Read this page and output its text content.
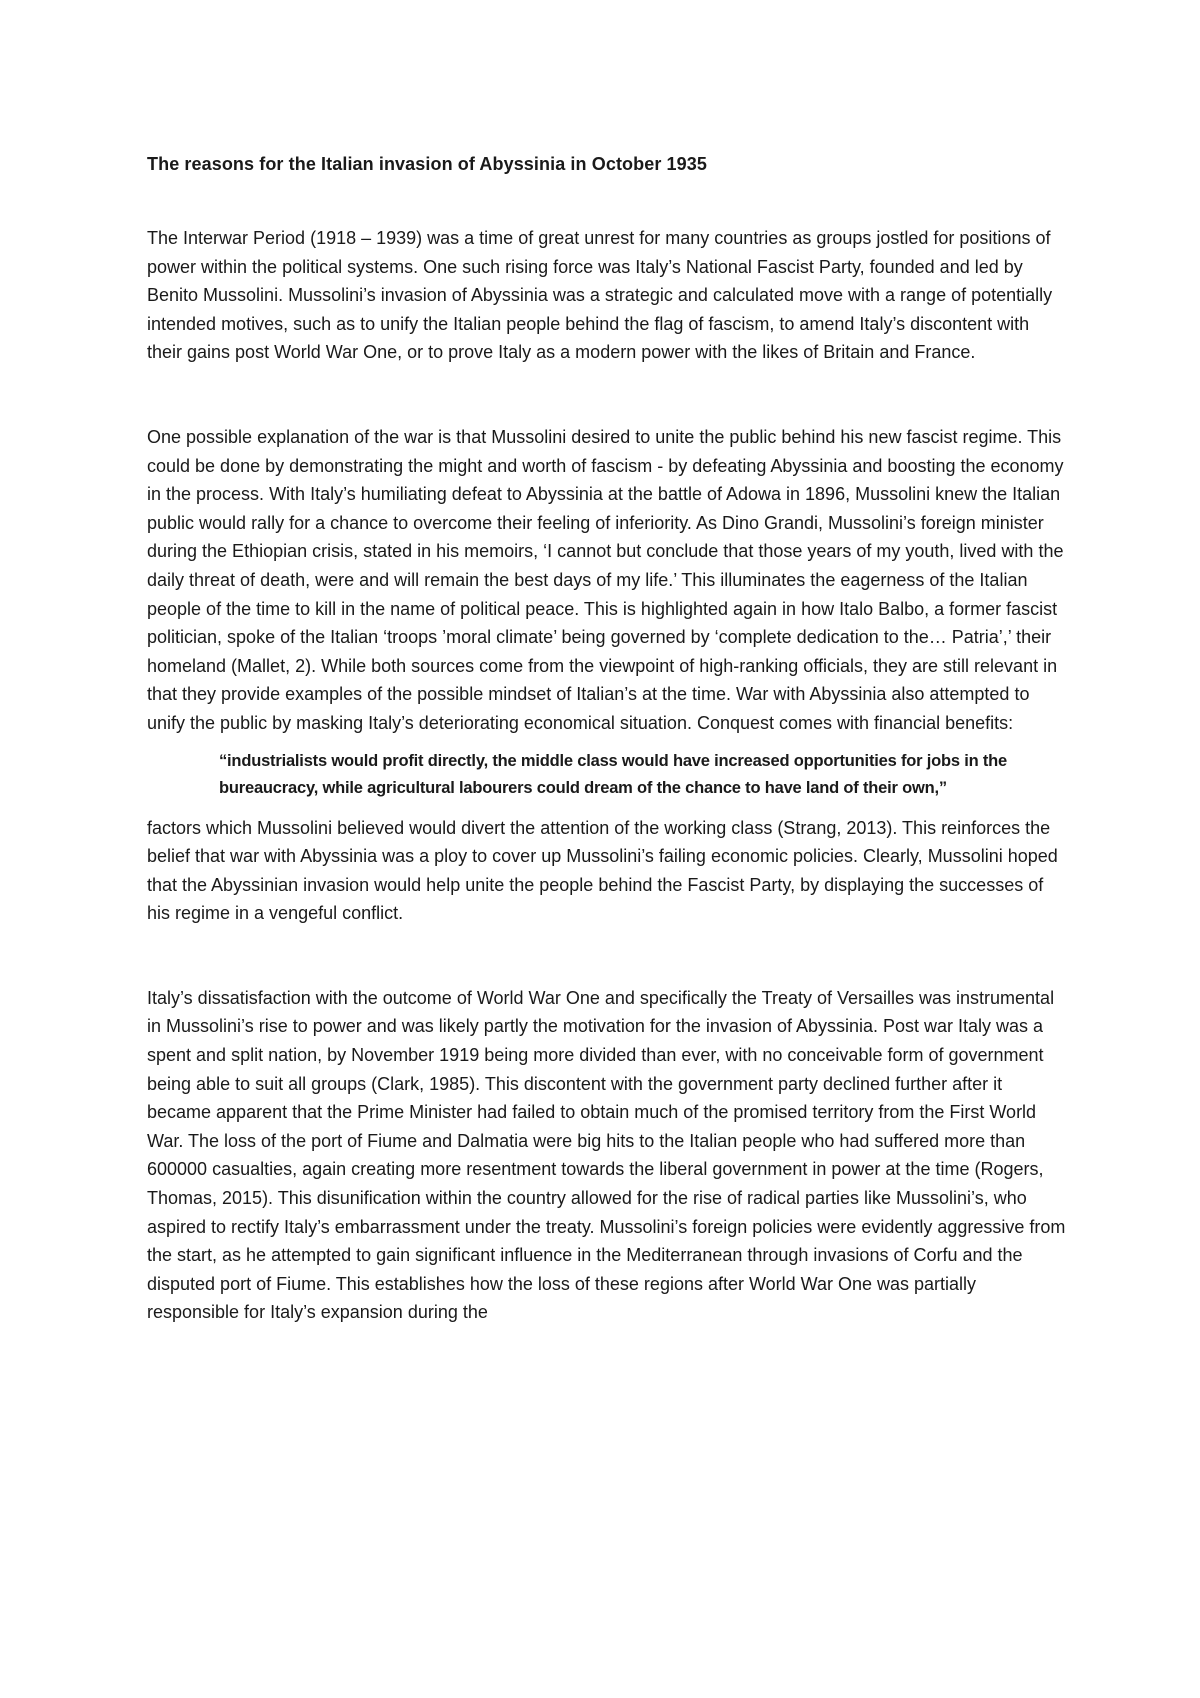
The reasons for the Italian invasion of Abyssinia in October 1935

The Interwar Period (1918 – 1939) was a time of great unrest for many countries as groups jostled for positions of power within the political systems. One such rising force was Italy’s National Fascist Party, founded and led by Benito Mussolini. Mussolini’s invasion of Abyssinia was a strategic and calculated move with a range of potentially intended motives, such as to unify the Italian people behind the flag of fascism, to amend Italy’s discontent with their gains post World War One, or to prove Italy as a modern power with the likes of Britain and France.

One possible explanation of the war is that Mussolini desired to unite the public behind his new fascist regime. This could be done by demonstrating the might and worth of fascism - by defeating Abyssinia and boosting the economy in the process. With Italy’s humiliating defeat to Abyssinia at the battle of Adowa in 1896, Mussolini knew the Italian public would rally for a chance to overcome their feeling of inferiority. As Dino Grandi, Mussolini’s foreign minister during the Ethiopian crisis, stated in his memoirs, ‘I cannot but conclude that those years of my youth, lived with the daily threat of death, were and will remain the best days of my life.’ This illuminates the eagerness of the Italian people of the time to kill in the name of political peace. This is highlighted again in how Italo Balbo, a former fascist politician, spoke of the Italian ‘troops ’moral climate’ being governed by ‘complete dedication to the… Patria’,’ their homeland (Mallet, 2). While both sources come from the viewpoint of high-ranking officials, they are still relevant in that they provide examples of the possible mindset of Italian’s at the time. War with Abyssinia also attempted to unify the public by masking Italy’s deteriorating economical situation. Conquest comes with financial benefits:

“industrialists would profit directly, the middle class would have increased opportunities for jobs in the bureaucracy, while agricultural labourers could dream of the chance to have land of their own,”

factors which Mussolini believed would divert the attention of the working class (Strang, 2013). This reinforces the belief that war with Abyssinia was a ploy to cover up Mussolini’s failing economic policies. Clearly, Mussolini hoped that the Abyssinian invasion would help unite the people behind the Fascist Party, by displaying the successes of his regime in a vengeful conflict.

Italy’s dissatisfaction with the outcome of World War One and specifically the Treaty of Versailles was instrumental in Mussolini’s rise to power and was likely partly the motivation for the invasion of Abyssinia. Post war Italy was a spent and split nation, by November 1919 being more divided than ever, with no conceivable form of government being able to suit all groups (Clark, 1985). This discontent with the government party declined further after it became apparent that the Prime Minister had failed to obtain much of the promised territory from the First World War. The loss of the port of Fiume and Dalmatia were big hits to the Italian people who had suffered more than 600000 casualties, again creating more resentment towards the liberal government in power at the time (Rogers, Thomas, 2015). This disunification within the country allowed for the rise of radical parties like Mussolini’s, who aspired to rectify Italy’s embarrassment under the treaty. Mussolini’s foreign policies were evidently aggressive from the start, as he attempted to gain significant influence in the Mediterranean through invasions of Corfu and the disputed port of Fiume. This establishes how the loss of these regions after World War One was partially responsible for Italy’s expansion during the
